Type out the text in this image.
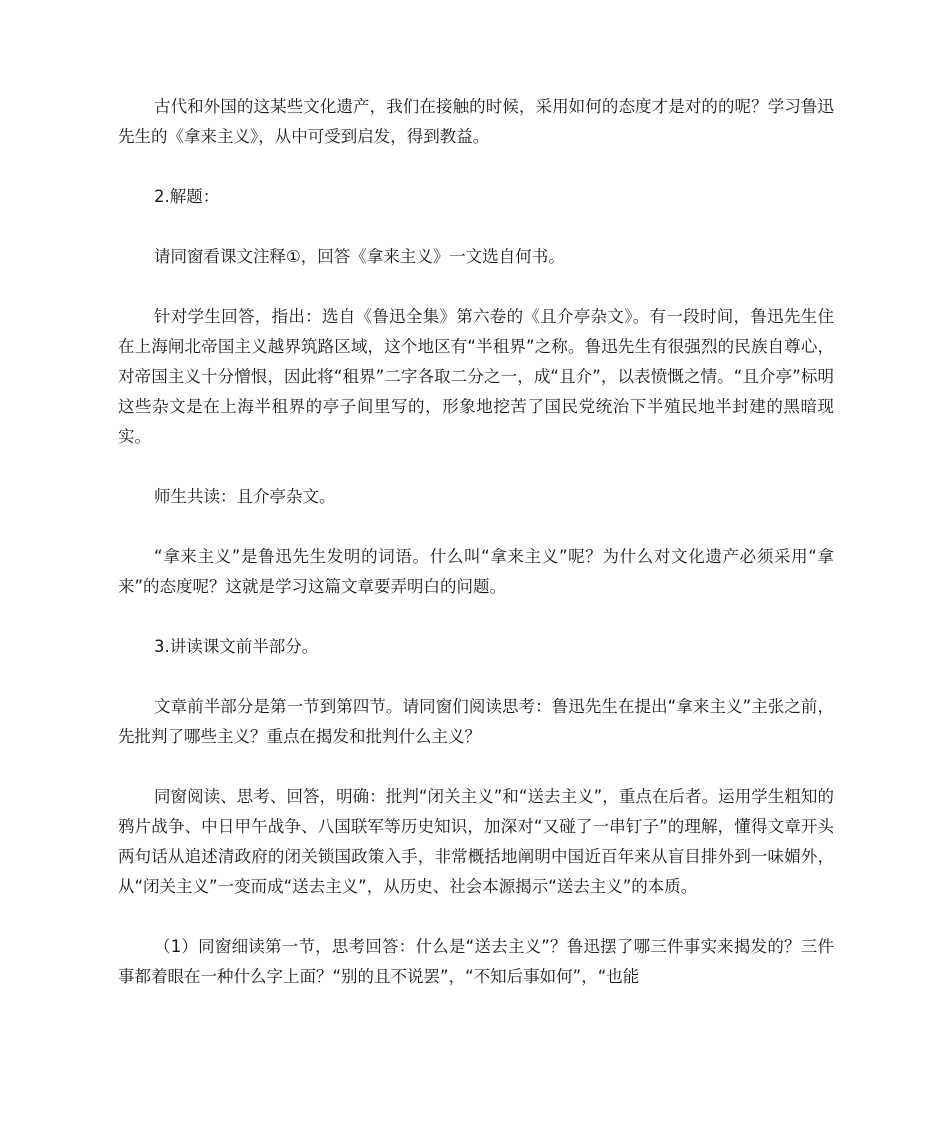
古代和外国的这某些文化遗产，我们在接触的时候，采用如何的态度才是对的的呢？学习鲁迅先生的《拿来主义》，从中可受到启发，得到教益。

2.解题：

请同窗看课文注释①，回答《拿来主义》一文选自何书。

针对学生回答，指出：选自《鲁迅全集》第六卷的《且介亭杂文》。有一段时间，鲁迅先生住在上海闸北帝国主义越界筑路区域，这个地区有“半租界”之称。鲁迅先生有很强烈的民族自尊心，对帝国主义十分憎恨，因此将“租界”二字各取二分之一，成“且介”，以表愤慨之情。“且介亭”标明这些杂文是在上海半租界的亭子间里写的，形象地挖苦了国民党统治下半殖民地半封建的黑暗现实。

师生共读：且介亭杂文。

“拿来主义”是鲁迅先生发明的词语。什么叫“拿来主义”呢？为什么对文化遗产必须采用“拿来”的态度呢？这就是学习这篇文章要弄明白的问题。

3.讲读课文前半部分。

文章前半部分是第一节到第四节。请同窗们阅读思考：鲁迅先生在提出“拿来主义”主张之前，先批判了哪些主义？重点在揭发和批判什么主义？

同窗阅读、思考、回答，明确：批判“闭关主义”和“送去主义”，重点在后者。运用学生粗知的鸦片战争、中日甲午战争、八国联军等历史知识，加深对“又碰了一串钉子”的理解，懂得文章开头两句话从追述清政府的闭关锁国政策入手，非常概括地阐明中国近百年来从盲目排外到一味媚外，从“闭关主义”一变而成“送去主义”，从历史、社会本源揭示“送去主义”的本质。

（1）同窗细读第一节，思考回答：什么是“送去主义”？鲁迅摆了哪三件事实来揭发的？三件事都着眼在一种什么字上面？“别的且不说罢”，“不知后事如何”，“也能
